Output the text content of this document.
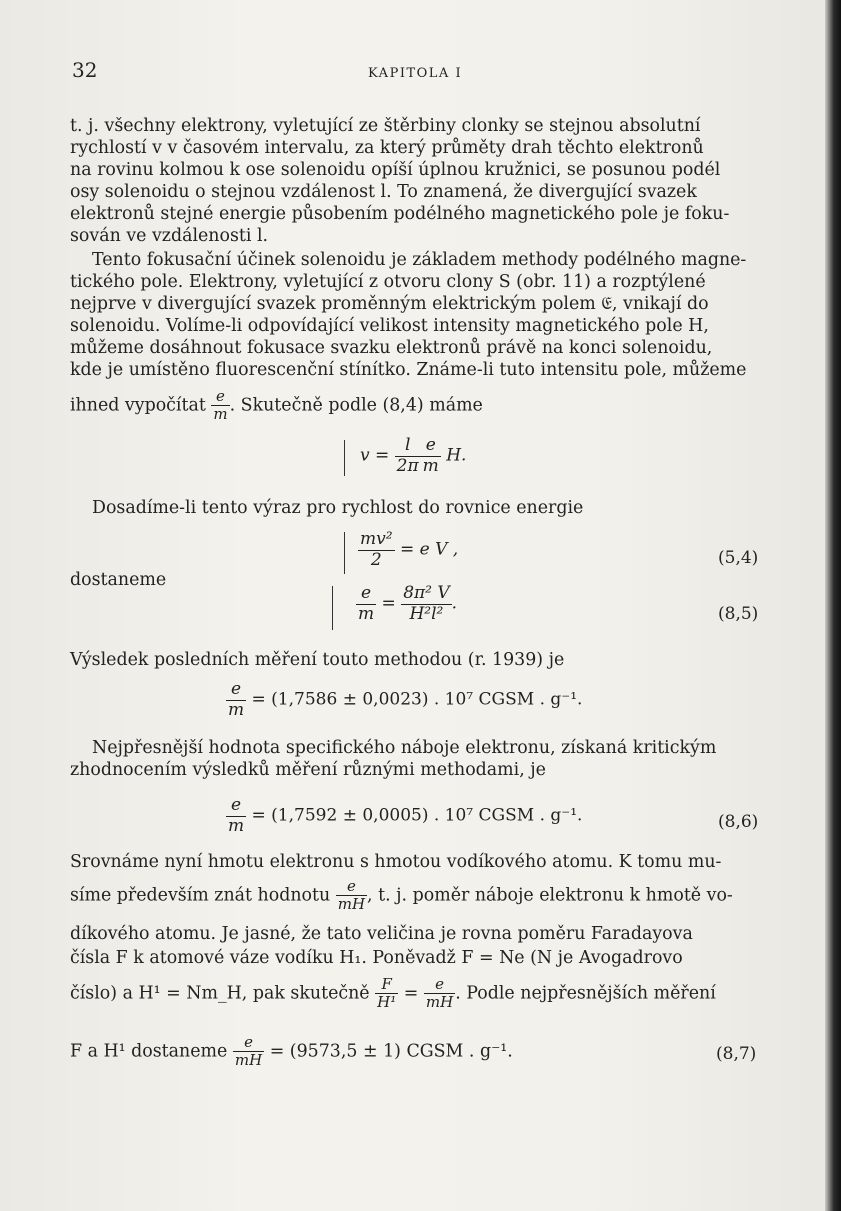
32	KAPITOLA I
t. j. všechny elektrony, vyletující ze štěrbiny clonky se stejnou absolutní
rychlostí v v časovém intervalu, za který průměty drah těchto elektronů
na rovinu kolmou k ose solenoidu opíší úplnou kružnici, se posunou podél
osy solenoidu o stejnou vzdálenost l. To znamená, že divergující svazek
elektronů stejné energie působením podélného magnetického pole je foku-
sován ve vzdálenosti l.
Tento fokusační účinek solenoidu je základem methody podélného magne-
tického pole. Elektrony, vyletující z otvoru clony S (obr. 11) a rozptýlené
nejprve v divergující svazek proměnným elektrickým polem 𝔈, vnikají do
solenoidu. Volíme-li odpovídající velikost intensity magnetického pole H,
můžeme dosáhnout fokusace svazku elektronů právě na konci solenoidu,
kde je umístěno fluorescenční stínítko. Známe-li tuto intensitu pole, můžeme
ihned vypočítat $\frac{e}{m}$ . Skutečně podle (8,4) máme
$v = \frac{l}{2\pi} \frac{e}{m} H$.
Dosadíme-li tento výraz pro rychlost do rovnice energie
$\frac{\text{mv²}}{2} = e$ V ,	(5,4)
dostaneme
$\frac{e}{m} = \frac{\text{8π² V}}{\text{H²l²}}$ .
(8,5)
Výsledek posledních měření touto methodou (r. 1939) je
$\frac{e}{m} = (1,7586 \pm 0,0023)$ . 10⁷ CGSM . g⁻¹.
Nejpřesnější hodnota specifického náboje elektronu, získaná kritickým
zhodnocením výsledků měření různými methodami, je
$\frac{e}{m} = (1,7592 \pm 0,0005)$ . 10⁷ CGSM . g⁻¹.	(8,6)
Srovnáme nyní hmotu elektronu s hmotou vodíkového atomu. K tomu mu-
síme především znát hodnotu $\frac{e}{mH}$ , t. j. poměr náboje elektronu k hmotě vo-
díkového atomu. Je jasné, že tato veličina je rovna poměru Faradayova
čísla F k atomové váze vodíku H₁. Poněvadž F = Ne (N je Avogadrovo
číslo) a H¹ = Nm_H, pak skutečně $\frac{F}{\text{H¹}} = \frac{e}{mH}$ . Podle nejpřesnějších měření
F a H¹ dostaneme $\frac{e}{mH} = (9573,5 \pm 1)$ CGSM . g⁻¹.	(8,7)
